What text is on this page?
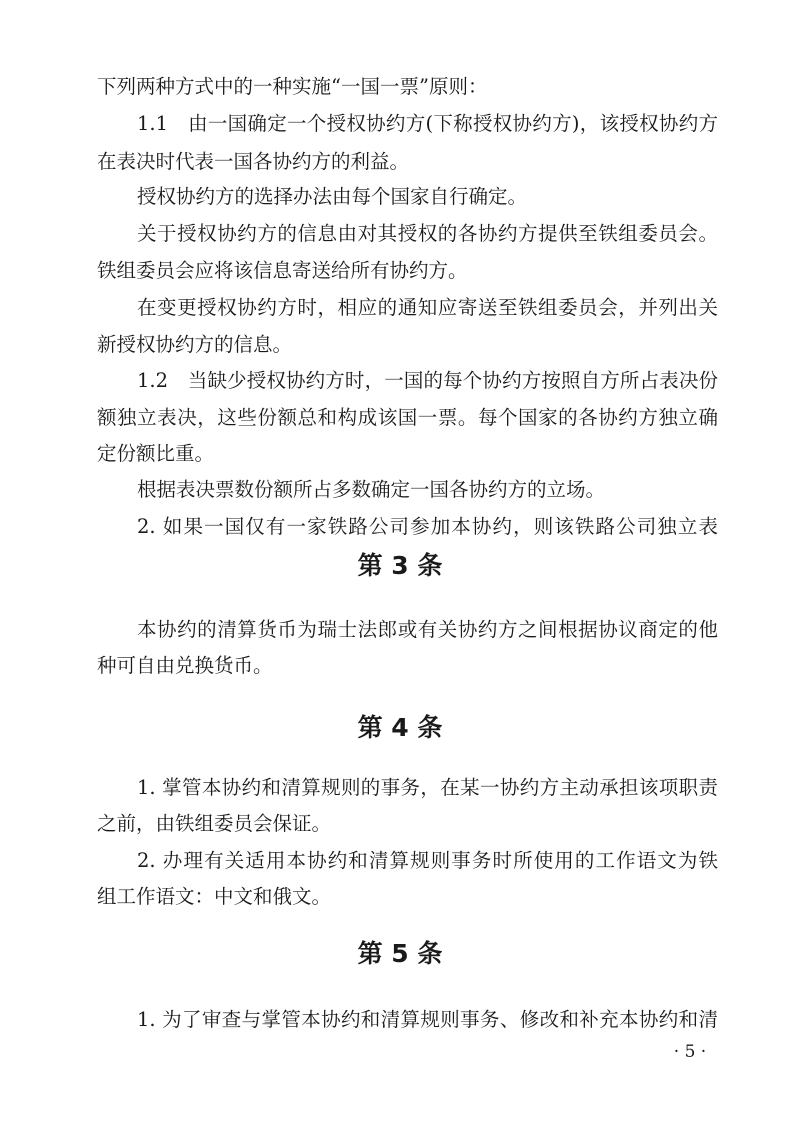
下列两种方式中的一种实施“一国一票”原则：
1.1　由一国确定一个授权协约方(下称授权协约方)，该授权协约方
在表决时代表一国各协约方的利益。
授权协约方的选择办法由每个国家自行确定。
关于授权协约方的信息由对其授权的各协约方提供至铁组委员会。
铁组委员会应将该信息寄送给所有协约方。
在变更授权协约方时，相应的通知应寄送至铁组委员会，并列出关
新授权协约方的信息。
1.2　当缺少授权协约方时，一国的每个协约方按照自方所占表决份
额独立表决，这些份额总和构成该国一票。每个国家的各协约方独立确
定份额比重。
根据表决票数份额所占多数确定一国各协约方的立场。
2. 如果一国仅有一家铁路公司参加本协约，则该铁路公司独立表
第 3 条
本协约的清算货币为瑞士法郎或有关协约方之间根据协议商定的他
种可自由兑换货币。
第 4 条
1. 掌管本协约和清算规则的事务，在某一协约方主动承担该项职责
之前，由铁组委员会保证。
2. 办理有关适用本协约和清算规则事务时所使用的工作语文为铁
组工作语文：中文和俄文。
第 5 条
1. 为了审查与掌管本协约和清算规则事务、修改和补充本协约和清
· 5 ·
